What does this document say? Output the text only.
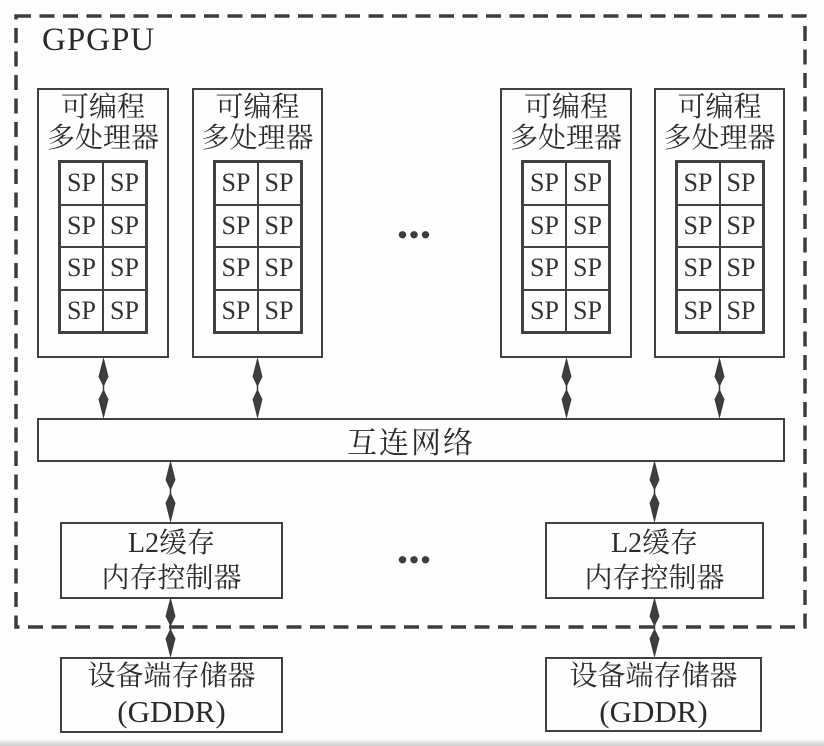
GPGPU
可编程
多处理器
SP SP
SP SP
SP SP
SP SP
可编程
多处理器
SP SP
SP SP
SP SP
SP SP
...
可编程
多处理器
SP SP
SP SP
SP SP
SP SP
可编程
多处理器
SP SP
SP SP
SP SP
SP SP
互连网络
L2缓存
内存控制器
...	L2缓存
内存控制器
设备端存储器
(GDDR)
设备端存储器
(GDDR)
